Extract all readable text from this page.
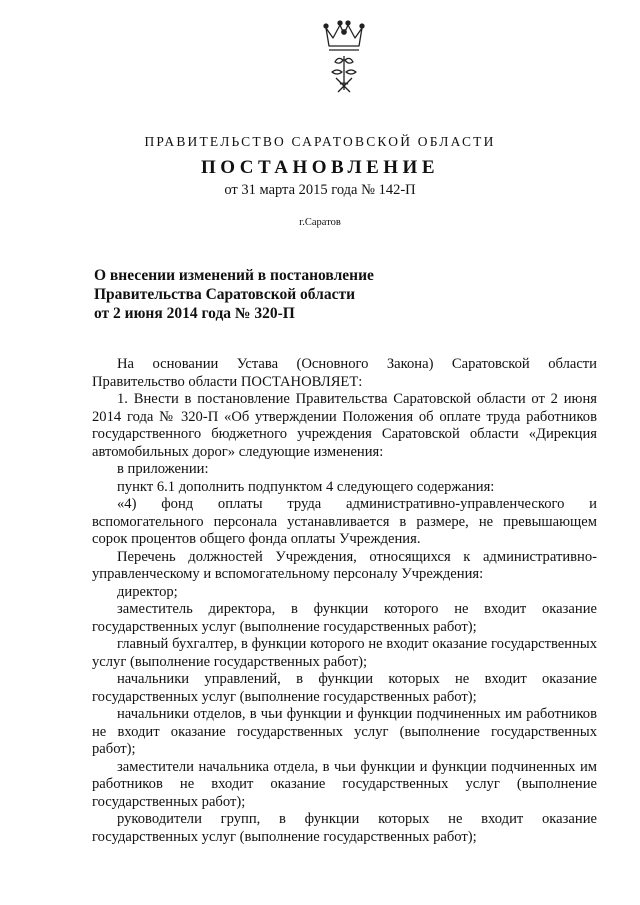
ПРАВИТЕЛЬСТВО САРАТОВСКОЙ ОБЛАСТИ
ПОСТАНОВЛЕНИЕ
от 31 марта 2015 года № 142-П
г.Саратов
О внесении изменений в постановление
Правительства Саратовской области
от 2 июня 2014 года № 320-П

На основании Устава (Основного Закона) Саратовской области Правительство области ПОСТАНОВЛЯЕТ:

1. Внести в постановление Правительства Саратовской области от 2 июня 2014 года № 320-П «Об утверждении Положения об оплате труда работников государственного бюджетного учреждения Саратовской области «Дирекция автомобильных дорог» следующие изменения:

в приложении:

пункт 6.1 дополнить подпунктом 4 следующего содержания:

«4) фонд оплаты труда административно-управленческого и вспомогательного персонала устанавливается в размере, не превышающем сорок процентов общего фонда оплаты Учреждения.

Перечень должностей Учреждения, относящихся к административно-управленческому и вспомогательному персоналу Учреждения:

директор;

заместитель директора, в функции которого не входит оказание государственных услуг (выполнение государственных работ);

главный бухгалтер, в функции которого не входит оказание государственных услуг (выполнение государственных работ);

начальники управлений, в функции которых не входит оказание государственных услуг (выполнение государственных работ);

начальники отделов, в чьи функции и функции подчиненных им работников не входит оказание государственных услуг (выполнение государственных работ);

заместители начальника отдела, в чьи функции и функции подчиненных им работников не входит оказание государственных услуг (выполнение государственных работ);

руководители групп, в функции которых не входит оказание государственных услуг (выполнение государственных работ);
